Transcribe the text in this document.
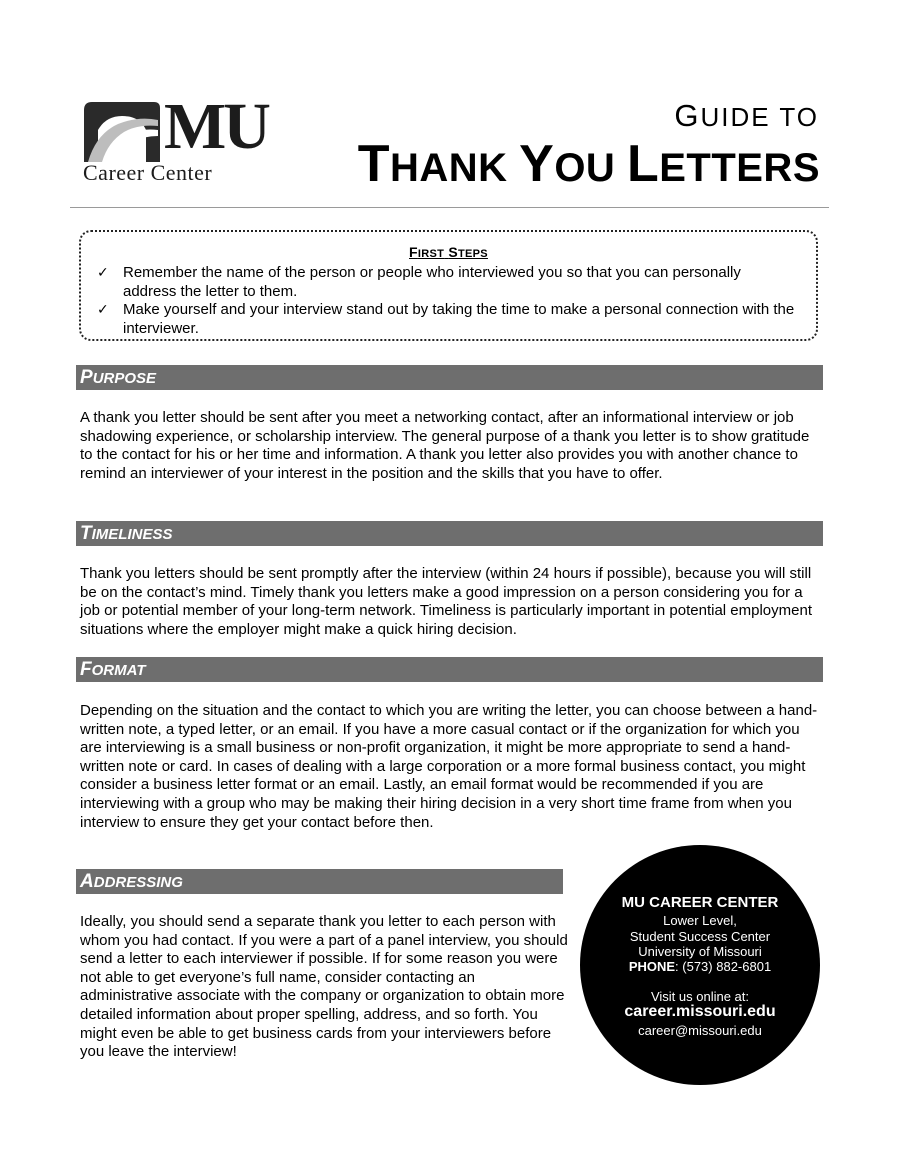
MU
Career Center
GUIDE TO
THANK YOU LETTERS
FIRST STEPS
✓ Remember the name of the person or people who interviewed you so that you can personally address the letter to them.
✓ Make yourself and your interview stand out by taking the time to make a personal connection with the interviewer.
PURPOSE

A thank you letter should be sent after you meet a networking contact, after an informational interview or job shadowing experience, or scholarship interview. The general purpose of a thank you letter is to show gratitude to the contact for his or her time and information. A thank you letter also provides you with another chance to remind an interviewer of your interest in the position and the skills that you have to offer.

TIMELINESS

Thank you letters should be sent promptly after the interview (within 24 hours if possible), because you will still be on the contact’s mind. Timely thank you letters make a good impression on a person considering you for a job or potential member of your long-term network. Timeliness is particularly important in potential employment situations where the employer might make a quick hiring decision.

FORMAT

Depending on the situation and the contact to which you are writing the letter, you can choose between a hand-written note, a typed letter, or an email. If you have a more casual contact or if the organization for which you are interviewing is a small business or non-profit organization, it might be more appropriate to send a hand-written note or card. In cases of dealing with a large corporation or a more formal business contact, you might consider a business letter format or an email. Lastly, an email format would be recommended if you are interviewing with a group who may be making their hiring decision in a very short time frame from when you interview to ensure they get your contact before then.

ADDRESSING

Ideally, you should send a separate thank you letter to each person with whom you had contact. If you were a part of a panel interview, you should send a letter to each interviewer if possible. If for some reason you were not able to get everyone’s full name, consider contacting an administrative associate with the company or organization to obtain more detailed information about proper spelling, address, and so forth. You might even be able to get business cards from your interviewers before you leave the interview!

MU CAREER CENTER
Lower Level,
Student Success Center
University of Missouri
PHONE: (573) 882-6801
Visit us online at:
career.missouri.edu
career@missouri.edu
